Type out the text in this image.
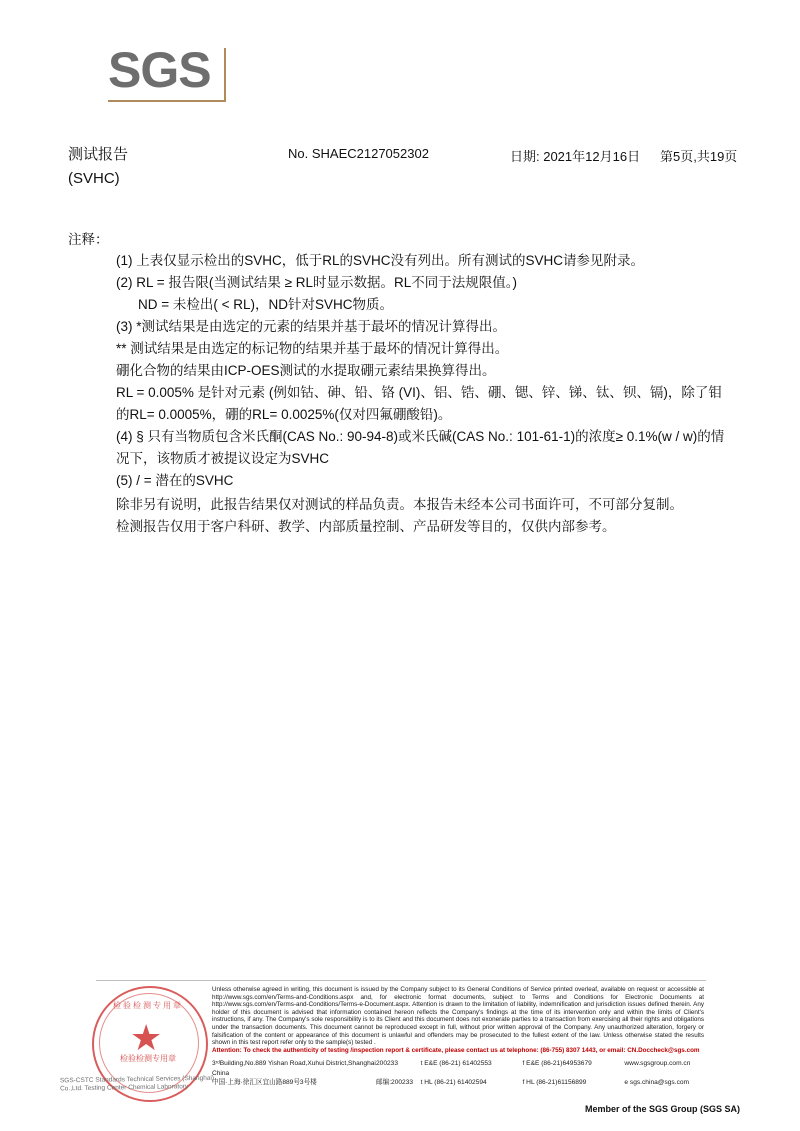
SGS
测试报告
(SVHC)
No. SHAEC2127052302	日期: 2021年12月16日 第5页,共19页
注释：
(1) 上表仅显示检出的SVHC，低于RL的SVHC没有列出。所有测试的SVHC请参见附录。
(2) RL = 报告限(当测试结果 ≥ RL时显示数据。RL不同于法规限值。)
ND = 未检出( < RL)，ND针对SVHC物质。
(3) *测试结果是由选定的元素的结果并基于最坏的情况计算得出。
** 测试结果是由选定的标记物的结果并基于最坏的情况计算得出。
硼化合物的结果由ICP-OES测试的水提取硼元素结果换算得出。
RL = 0.005% 是针对元素 (例如钴、砷、铅、铬 (VI)、铝、锆、硼、锶、锌、锑、钛、钡、镉)，除了钼的RL= 0.0005%，硼的RL= 0.0025%(仅对四氟硼酸铅)。
(4) § 只有当物质包含米氏酮(CAS No.: 90-94-8)或米氏碱(CAS No.: 101-61-1)的浓度≥ 0.1%(w / w)的情况下，该物质才被提议设定为SVHC
(5) / = 潜在的SVHC
除非另有说明，此报告结果仅对测试的样品负责。本报告未经本公司书面许可，不可部分复制。
检测报告仅用于客户科研、教学、内部质量控制、产品研发等目的，仅供内部参考。
检验检测专用章
★
检验检测专用章
SGS-CSTC Standards Technical Services (Shanghai) Co.,Ltd. Testing Center Chemical Laboratory
Unless otherwise agreed in writing, this document is issued by the Company subject to its General Conditions of Service printed overleaf, available on request or accessible at http://www.sgs.com/en/Terms-and-Conditions.aspx and, for electronic format documents, subject to Terms and Conditions for Electronic Documents at http://www.sgs.com/en/Terms-and-Conditions/Terms-e-Document.aspx. Attention is drawn to the limitation of liability, indemnification and jurisdiction issues defined therein. Any holder of this document is advised that information contained hereon reflects the Company's findings at the time of its intervention only and within the limits of Client's instructions, if any. The Company's sole responsibility is to its Client and this document does not exonerate parties to a transaction from exercising all their rights and obligations under the transaction documents. This document cannot be reproduced except in full, without prior written approval of the Company. Any unauthorized alteration, forgery or falsification of the content or appearance of this document is unlawful and offenders may be prosecuted to the fullest extent of the law. Unless otherwise stated the results shown in this test report refer only to the sample(s) tested .
Attention: To check the authenticity of testing /inspection report & certificate, please contact us at telephone: (86-755) 8307 1443, or email: CN.Doccheck@sgs.com
3ʳᵈBuilding,No.889 Yishan Road,Xuhui District,Shanghai China
200233	t E&E (86-21) 61402553	f E&E (86-21)64953679	www.sgsgroup.com.cn
中国·上海·徐汇区宜山路889号3号楼	邮编:200233	t HL (86-21) 61402594	f HL (86-21)61156899	e sgs.china@sgs.com
Member of the SGS Group (SGS SA)
